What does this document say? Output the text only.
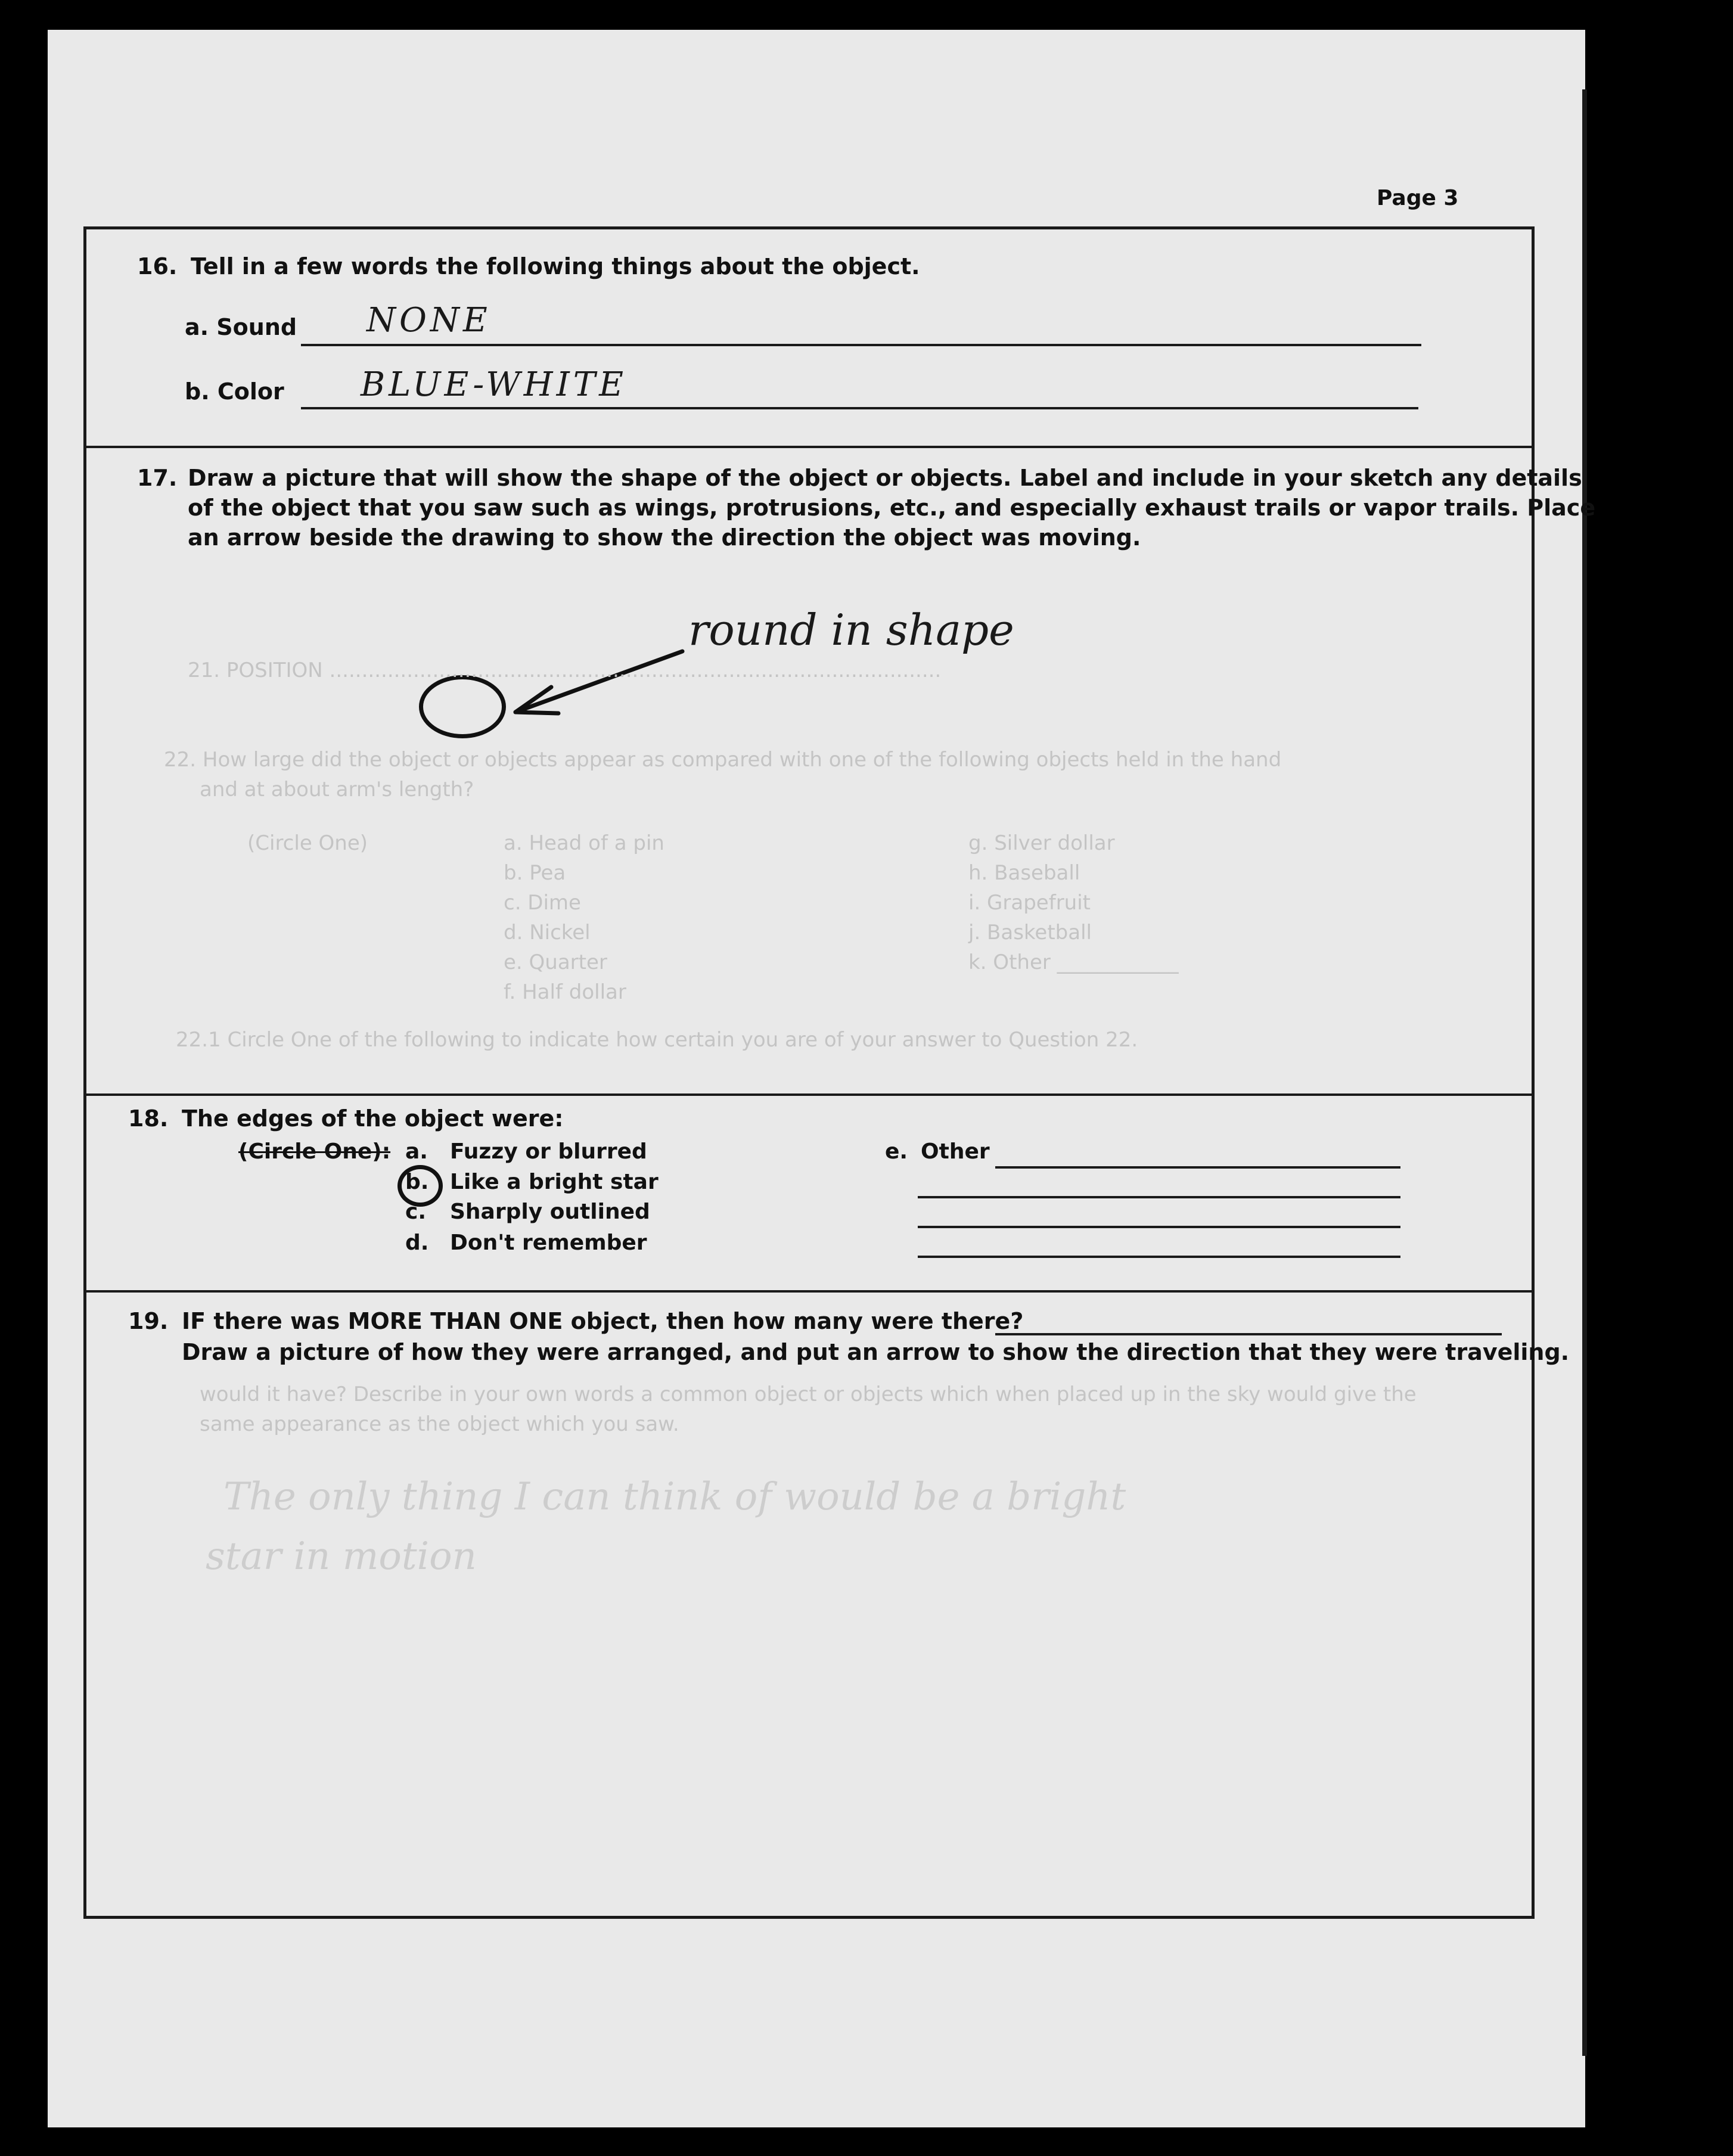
Page 3
16. Tell in a few words the following things about the object.
a. Sound NONE
b. Color BLUE-WHITE
17. Draw a picture that will show the shape of the object or objects. Label and include in your sketch any details
of the object that you saw such as wings, protrusions, etc., and especially exhaust trails or vapor trails. Place
an arrow beside the drawing to show the direction the object was moving.
round in shape
21. POSITION ...............................................................................................
22. How large did the object or objects appear as compared with one of the following objects held in the hand
and at about arm's length?
(Circle One)	a. Head of a pin
b. Pea
c. Dime
d. Nickel
e. Quarter
f. Half dollar
g. Silver dollar
h. Baseball
i. Grapefruit
j. Basketball
k. Other ____________
22.1 Circle One of the following to indicate how certain you are of your answer to Question 22.
18. The edges of the object were:
(Circle One): a. Fuzzy or blurred
b. Like a bright star
c. Sharply outlined
d. Don't remember
e. Other
19. IF there was MORE THAN ONE object, then how many were there?
Draw a picture of how they were arranged, and put an arrow to show the direction that they were traveling.
would it have? Describe in your own words a common object or objects which when placed up in the sky would give the
same appearance as the object which you saw.
The only thing I can think of would be a bright
star in motion
